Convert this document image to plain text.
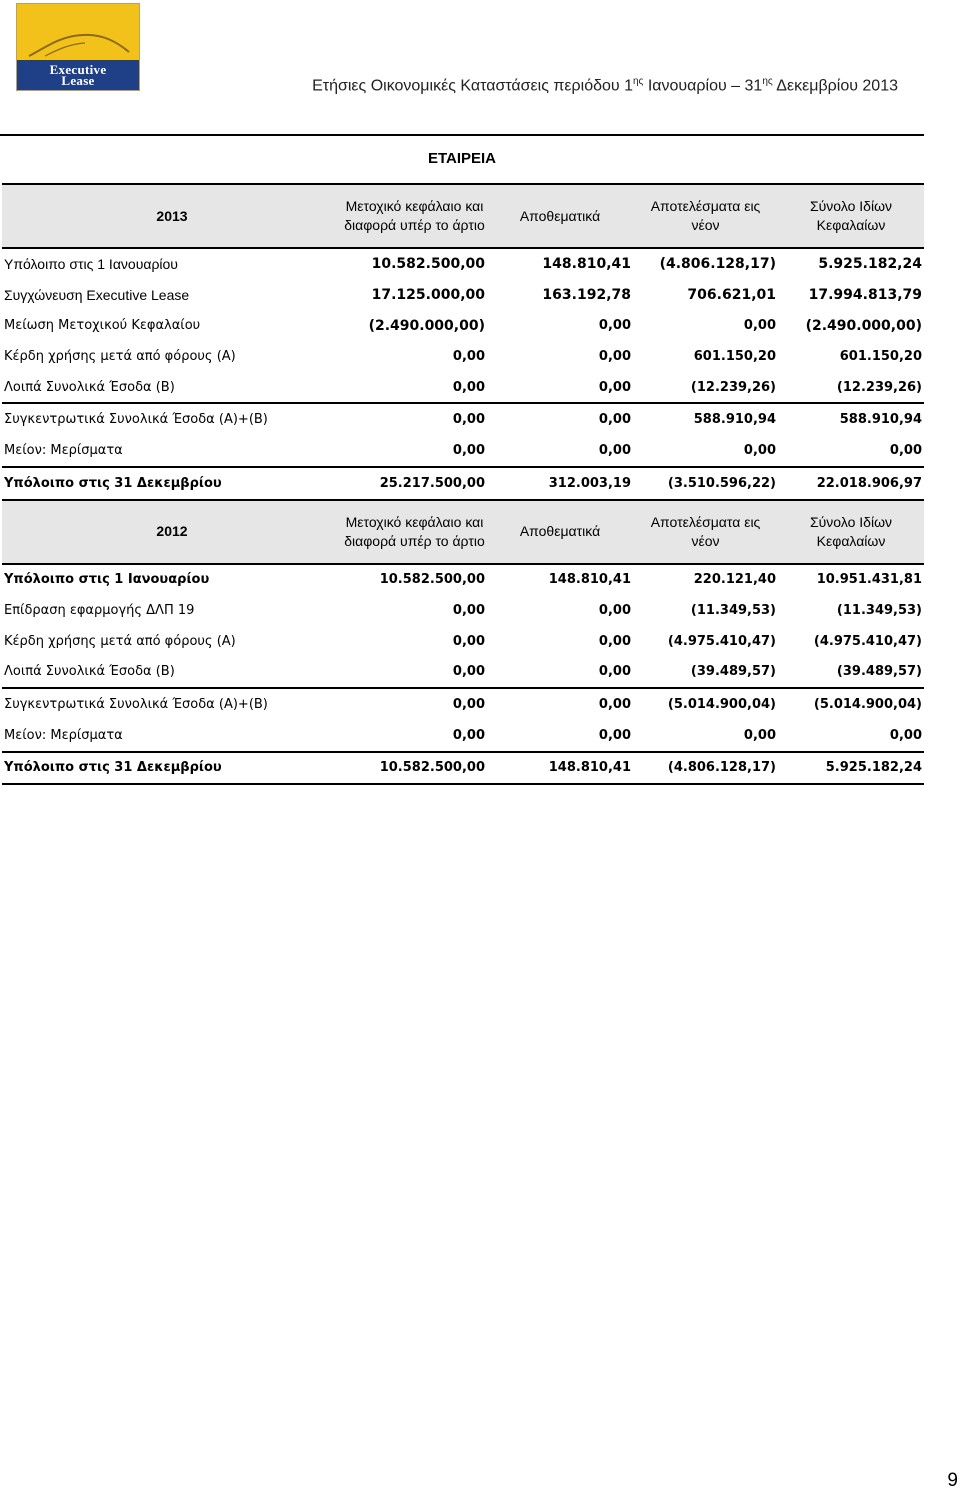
Executive
Lease	Ετήσιες Οικονομικές Καταστάσεις περιόδου $1^{\eta\varsigma}$ Ιανουαρίου – $31^{\eta\varsigma}$ Δεκεμβρίου 2013
ΕΤΑΙΡΕΙΑ
2013	Μετοχικό κεφάλαιο και διαφορά υπέρ το άρτιο	Αποθεματικά	Αποτελέσματα εις νέον	Σύνολο Ιδίων Κεφαλαίων
Υπόλοιπο στις 1 Ιανουαρίου	10.582.500,00	148.810,41	(4.806.128,17)	5.925.182,24
Συγχώνευση Executive Lease	17.125.000,00	163.192,78	706.621,01	17.994.813,79
Μείωση Μετοχικού Κεφαλαίου	(2.490.000,00)	0,00	0,00	(2.490.000,00)
Κέρδη χρήσης μετά από φόρους (Α)	0,00	0,00	601.150,20	601.150,20
Λοιπά Συνολικά Έσοδα (Β)	0,00	0,00	(12.239,26)	(12.239,26)
Συγκεντρωτικά Συνολικά Έσοδα (Α)+(Β)	0,00	0,00	588.910,94	588.910,94
Μείον: Μερίσματα	0,00	0,00	0,00	0,00
Υπόλοιπο στις 31 Δεκεμβρίου	25.217.500,00	312.003,19	(3.510.596,22)	22.018.906,97
2012	Μετοχικό κεφάλαιο και διαφορά υπέρ το άρτιο	Αποθεματικά	Αποτελέσματα εις νέον	Σύνολο Ιδίων Κεφαλαίων
Υπόλοιπο στις 1 Ιανουαρίου	10.582.500,00	148.810,41	220.121,40	10.951.431,81
Επίδραση εφαρμογής ΔΛΠ 19	0,00	0,00	(11.349,53)	(11.349,53)
Κέρδη χρήσης μετά από φόρους (Α)	0,00	0,00	(4.975.410,47)	(4.975.410,47)
Λοιπά Συνολικά Έσοδα (Β)	0,00	0,00	(39.489,57)	(39.489,57)
Συγκεντρωτικά Συνολικά Έσοδα (Α)+(Β)	0,00	0,00	(5.014.900,04)	(5.014.900,04)
Μείον: Μερίσματα	0,00	0,00	0,00	0,00
Υπόλοιπο στις 31 Δεκεμβρίου	10.582.500,00	148.810,41	(4.806.128,17)	5.925.182,24
9
